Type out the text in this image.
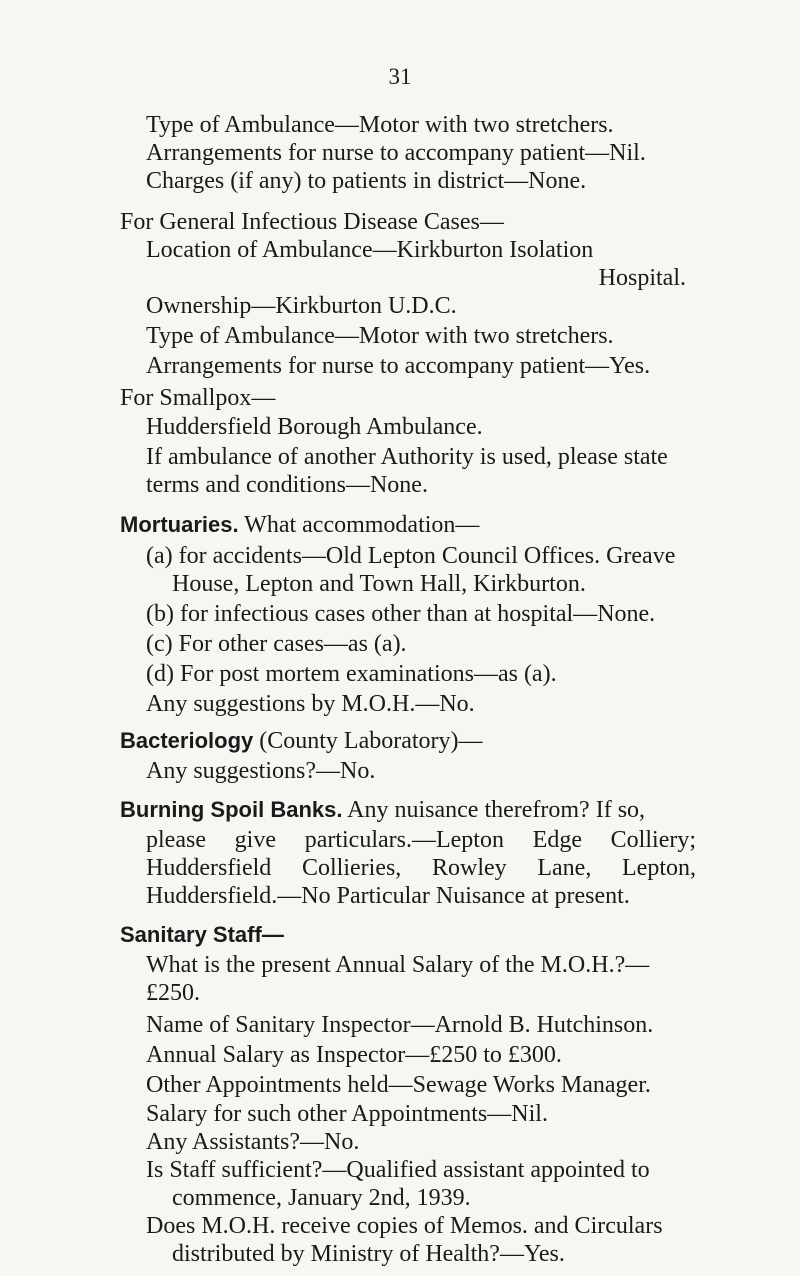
31
Type of Ambulance—Motor with two stretchers.
Arrangements for nurse to accompany patient—Nil.
Charges (if any) to patients in district—None.
For General Infectious Disease Cases—
Location of Ambulance—Kirkburton Isolation
Hospital.
Ownership—Kirkburton U.D.C.
Type of Ambulance—Motor with two stretchers.
Arrangements for nurse to accompany patient—Yes.
For Smallpox—
Huddersfield Borough Ambulance.
If ambulance of another Authority is used, please state
terms and conditions—None.
Mortuaries. What accommodation—
(a) for accidents—Old Lepton Council Offices. Greave
House, Lepton and Town Hall, Kirkburton.
(b) for infectious cases other than at hospital—None.
(c) For other cases—as (a).
(d) For post mortem examinations—as (a).
Any suggestions by M.O.H.—No.
Bacteriology (County Laboratory)—
Any suggestions?—No.
Burning Spoil Banks. Any nuisance therefrom? If so,
please give particulars.—Lepton Edge Colliery;
Huddersfield Collieries, Rowley Lane, Lepton,
Huddersfield.—No Particular Nuisance at present.
Sanitary Staff—
What is the present Annual Salary of the M.O.H.?—
£250.
Name of Sanitary Inspector—Arnold B. Hutchinson.
Annual Salary as Inspector—£250 to £300.
Other Appointments held—Sewage Works Manager.
Salary for such other Appointments—Nil.
Any Assistants?—No.
Is Staff sufficient?—Qualified assistant appointed to
commence, January 2nd, 1939.
Does M.O.H. receive copies of Memos. and Circulars
distributed by Ministry of Health?—Yes.
